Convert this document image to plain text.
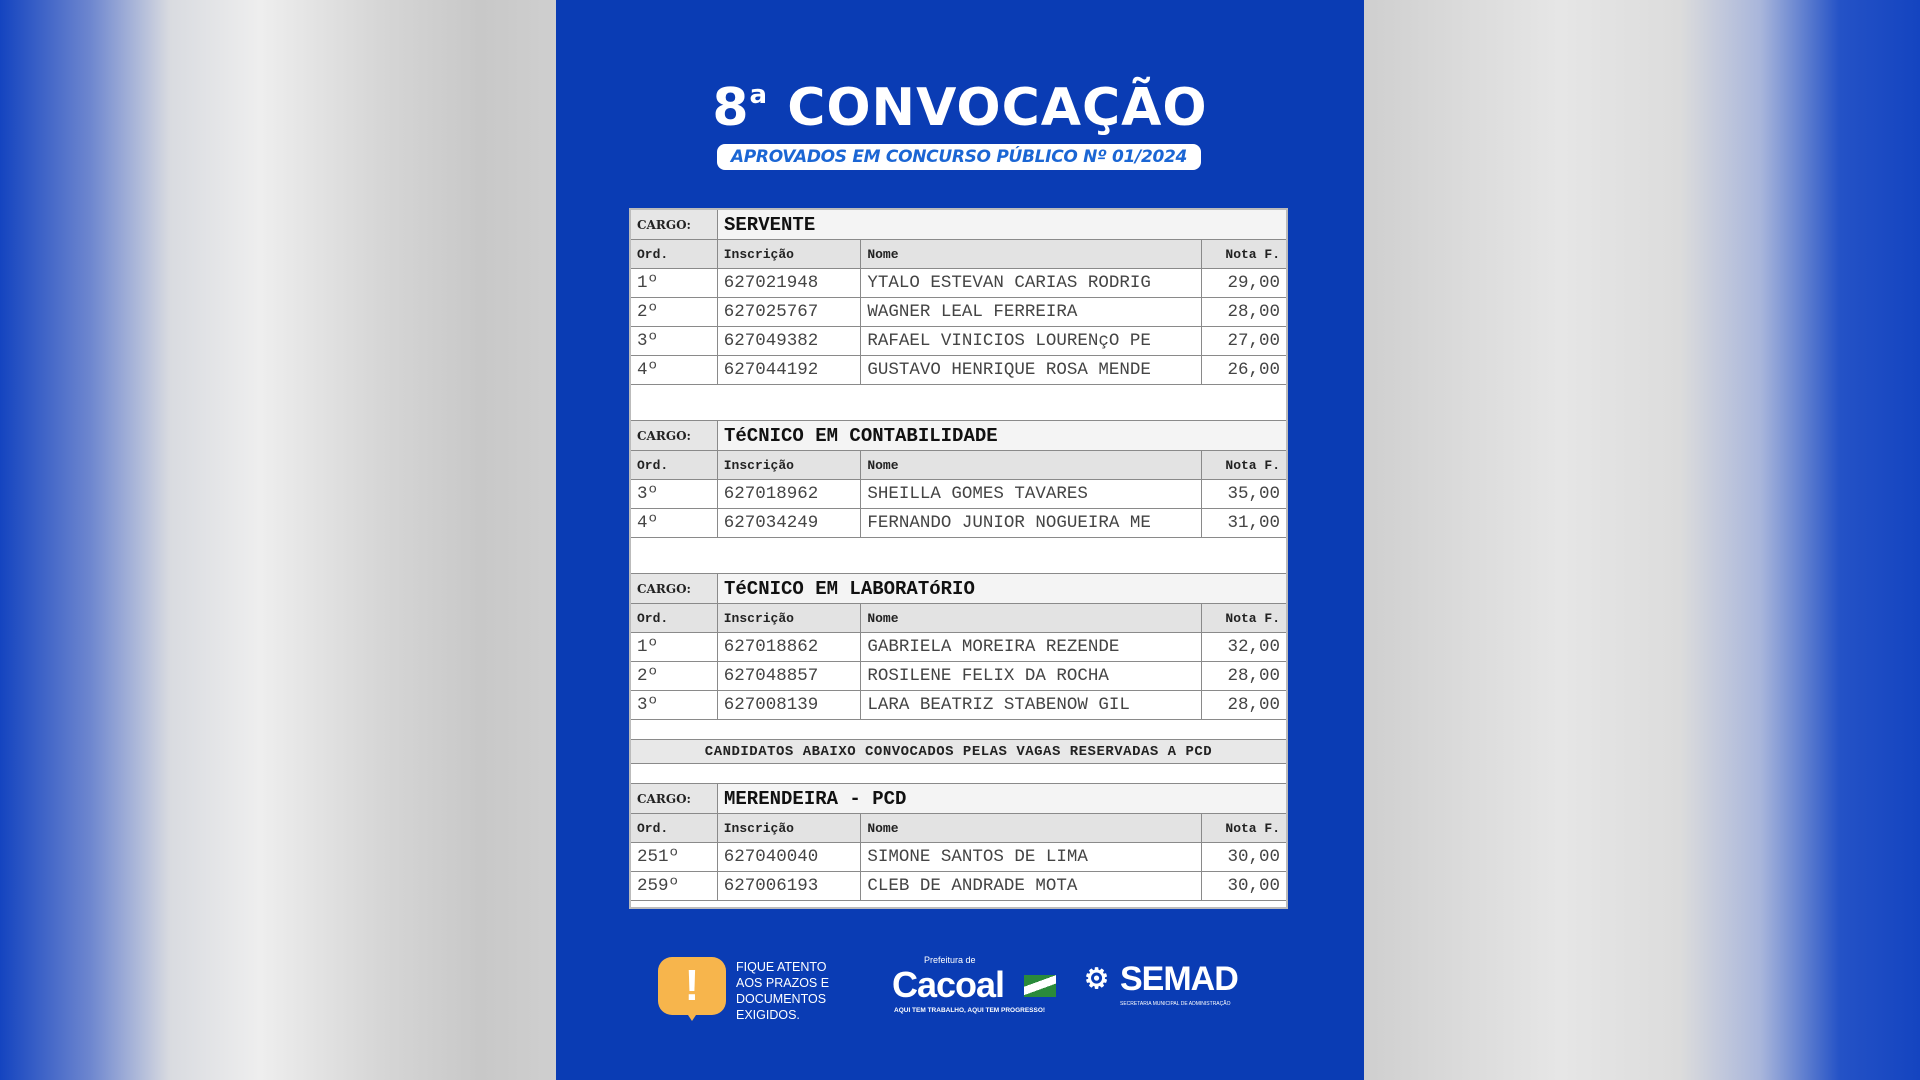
8$^a$ CONVOCAÇÃO
APROVADOS EM CONCURSO PÚBLICO Nº 01/2024
CARGO:	SERVENTE
Ord.	Inscrição	Nome	Nota F.
1º	627021948	YTALO ESTEVAN CARIAS RODRIG	29,00
2º	627025767	WAGNER LEAL FERREIRA	28,00
3º	627049382	RAFAEL VINICIOS LOURENçO PE	27,00
4º	627044192	GUSTAVO HENRIQUE ROSA MENDE	26,00
CARGO:	TéCNICO EM CONTABILIDADE
Ord.	Inscrição	Nome	Nota F.
3º	627018962	SHEILLA GOMES TAVARES	35,00
4º	627034249	FERNANDO JUNIOR NOGUEIRA ME	31,00
CARGO:	TéCNICO EM LABORATóRIO
Ord.	Inscrição	Nome	Nota F.
1º	627018862	GABRIELA MOREIRA REZENDE	32,00
2º	627048857	ROSILENE FELIX DA ROCHA	28,00
3º	627008139	LARA BEATRIZ STABENOW GIL	28,00
CANDIDATOS ABAIXO CONVOCADOS PELAS VAGAS RESERVADAS A PCD
CARGO:	MERENDEIRA - PCD
Ord.	Inscrição	Nome	Nota F.
251º	627040040	SIMONE SANTOS DE LIMA	30,00
259º	627006193	CLEB DE ANDRADE MOTA	30,00
!	FIQUE ATENTO
AOS PRAZOS E
DOCUMENTOS
EXIGIDOS.
Prefeitura de
Cacoal
AQUI TEM TRABALHO, AQUI TEM PROGRESSO!
⚙ SEMAD
SECRETARIA MUNICIPAL DE ADMINISTRAÇÃO
